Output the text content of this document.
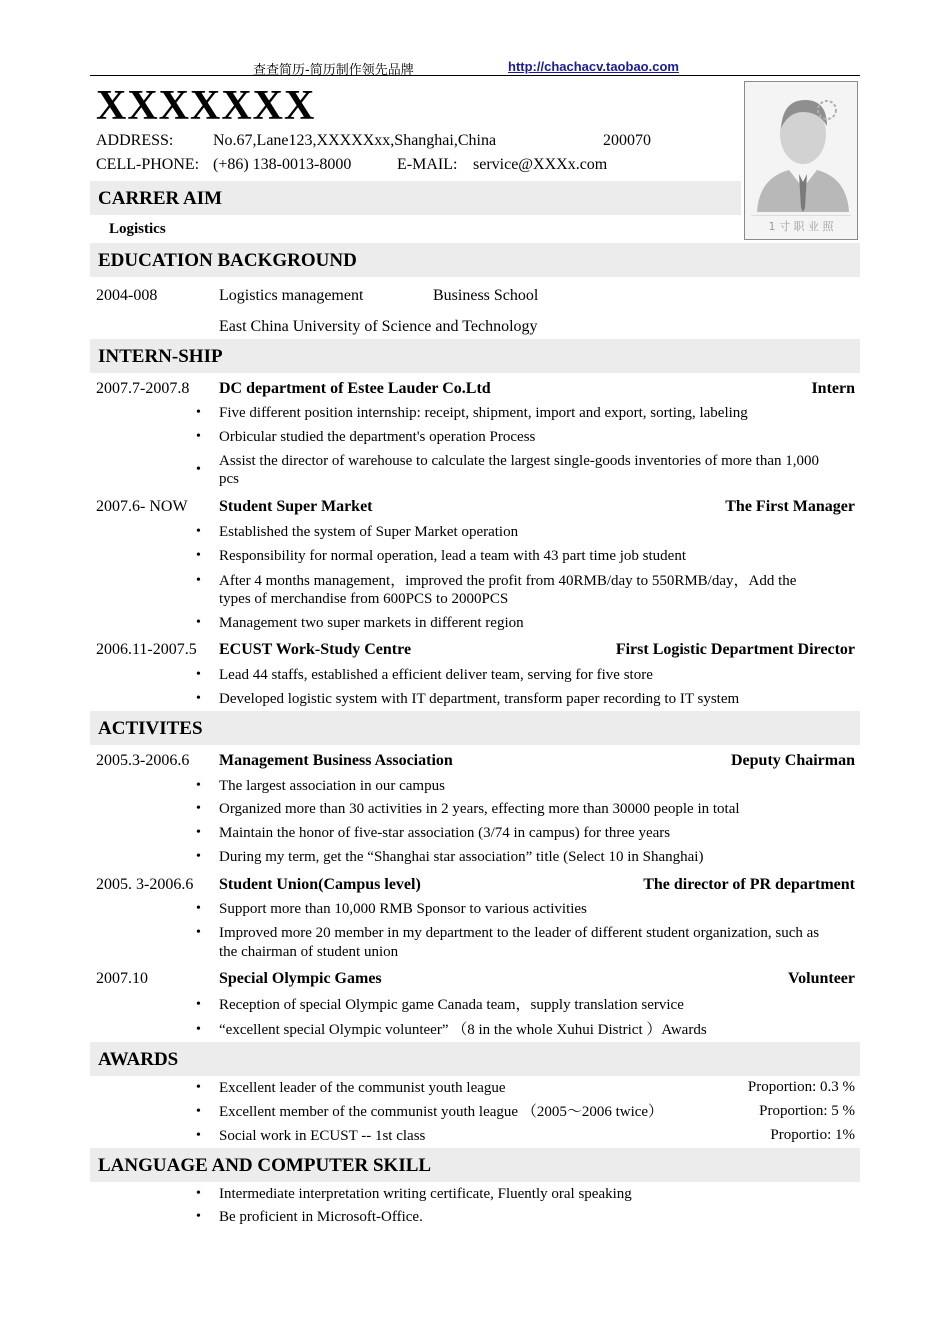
查查简历-简历制作领先品牌	http://chachacv.taobao.com
XXXXXXX
ADDRESS: No.67,Lane123,XXXXXxx,Shanghai,China	200070
CELL-PHONE: (+86) 138-0013-8000	E-MAIL: service@XXXx.com
1 寸 职 业 照
CARRER AIM
Logistics
EDUCATION BACKGROUND
2004-008	Logistics management	Business School
East China University of Science and Technology
INTERN-SHIP
2007.7-2007.8 DC department of Estee Lauder Co.Ltd	Intern
• Five different position internship: receipt, shipment, import and export, sorting, labeling
• Orbicular studied the department's operation Process
•
Assist the director of warehouse to calculate the largest single-goods inventories of more than 1,000
pcs
2007.6- NOW Student Super Market	The First Manager
• Established the system of Super Market operation
• Responsibility for normal operation, lead a team with 43 part time job student
• After 4 months management，improved the profit from 40RMB/day to 550RMB/day，Add the
types of merchandise from 600PCS to 2000PCS
• Management two super markets in different region
2006.11-2007.5 ECUST Work-Study Centre	First Logistic Department Director
• Lead 44 staffs, established a efficient deliver team, serving for five store
• Developed logistic system with IT department, transform paper recording to IT system
ACTIVITES
2005.3-2006.6 Management Business Association	Deputy Chairman
• The largest association in our campus
• Organized more than 30 activities in 2 years, effecting more than 30000 people in total
• Maintain the honor of five-star association (3/74 in campus) for three years
• During my term, get the “Shanghai star association” title (Select 10 in Shanghai)
2005. 3-2006.6 Student Union(Campus level)	The director of PR department
• Support more than 10,000 RMB Sponsor to various activities
• Improved more 20 member in my department to the leader of different student organization, such as
the chairman of student union
2007.10	Special Olympic Games	Volunteer
• Reception of special Olympic game Canada team，supply translation service
• “excellent special Olympic volunteer” （8 in the whole Xuhui District ）Awards
AWARDS
• Excellent leader of the communist youth league	Proportion: 0.3 %
• Excellent member of the communist youth league （2005～2006 twice）	Proportion: 5 %
• Social work in ECUST -- 1st class	Proportio: 1%
LANGUAGE AND COMPUTER SKILL
• Intermediate interpretation writing certificate, Fluently oral speaking
• Be proficient in Microsoft-Office.
